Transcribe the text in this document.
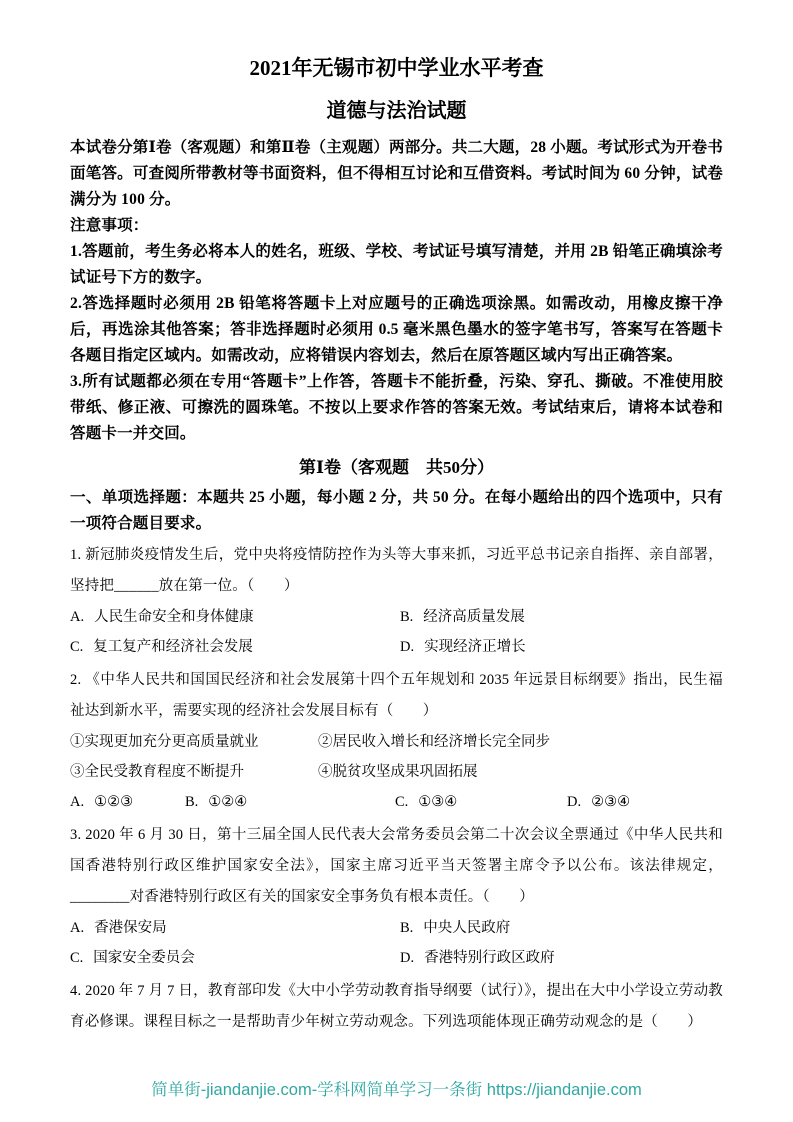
2021年无锡市初中学业水平考查
道德与法治试题

本试卷分第Ⅰ卷（客观题）和第Ⅱ卷（主观题）两部分。共二大题，28 小题。考试形式为开卷书面笔答。可查阅所带教材等书面资料，但不得相互讨论和互借资料。考试时间为 60 分钟，试卷满分为 100 分。

注意事项：

1.答题前，考生务必将本人的姓名，班级、学校、考试证号填写清楚，并用 2B 铅笔正确填涂考试证号下方的数字。

2.答选择题时必须用 2B 铅笔将答题卡上对应题号的正确选项涂黑。如需改动，用橡皮擦干净后，再选涂其他答案；答非选择题时必须用 0.5 毫米黑色墨水的签字笔书写，答案写在答题卡各题目指定区域内。如需改动，应将错误内容划去，然后在原答题区域内写出正确答案。

3.所有试题都必须在专用“答题卡”上作答，答题卡不能折叠，污染、穿孔、撕破。不准使用胶带纸、修正液、可擦洗的圆珠笔。不按以上要求作答的答案无效。考试结束后，请将本试卷和答题卡一并交回。

第Ⅰ卷（客观题　共50分）

一、单项选择题：本题共 25 小题，每小题 2 分，共 50 分。在每小题给出的四个选项中，只有一项符合题目要求。

1. 新冠肺炎疫情发生后，党中央将疫情防控作为头等大事来抓，习近平总书记亲自指挥、亲自部署，坚持把______放在第一位。（　　）

A. 人民生命安全和身体健康	B. 经济高质量发展
C. 复工复产和经济社会发展	D. 实现经济正增长

2. 《中华人民共和国国民经济和社会发展第十四个五年规划和 2035 年远景目标纲要》指出，民生福祉达到新水平，需要实现的经济社会发展目标有（　　）

①实现更加充分更高质量就业	②居民收入增长和经济增长完全同步
③全民受教育程度不断提升	④脱贫攻坚成果巩固拓展
A. ①②③	B. ①②④	C. ①③④	D. ②③④

3. 2020 年 6 月 30 日，第十三届全国人民代表大会常务委员会第二十次会议全票通过《中华人民共和国香港特别行政区维护国家安全法》，国家主席习近平当天签署主席令予以公布。该法律规定，________对香港特别行政区有关的国家安全事务负有根本责任。（　　）

A. 香港保安局	B. 中央人民政府
C. 国家安全委员会	D. 香港特别行政区政府

4. 2020 年 7 月 7 日，教育部印发《大中小学劳动教育指导纲要（试行）》，提出在大中小学设立劳动教育必修课。课程目标之一是帮助青少年树立劳动观念。下列选项能体现正确劳动观念的是（　　）

简单街-jiandanjie.com-学科网简单学习一条街 https://jiandanjie.com
